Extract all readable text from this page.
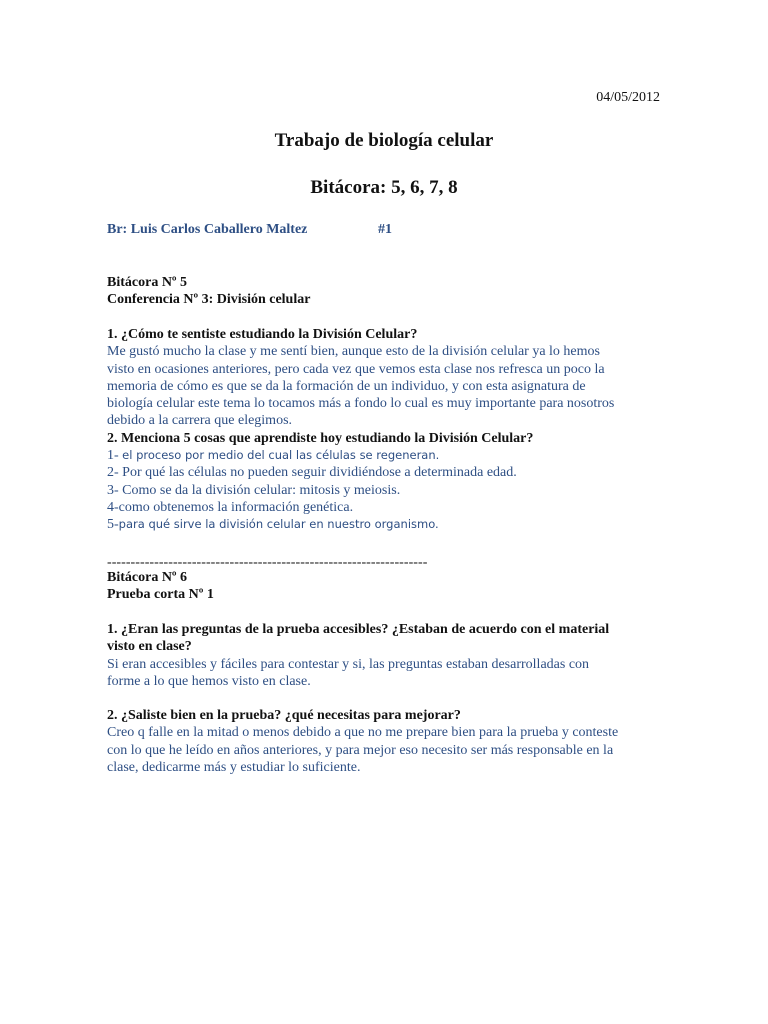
04/05/2012
Trabajo de biología celular
Bitácora: 5, 6, 7, 8
Br: Luis Carlos Caballero Maltez	#1
Bitácora Nº 5
Conferencia Nº 3: División celular
1. ¿Cómo te sentiste estudiando la División Celular?
Me gustó mucho la clase y me sentí bien, aunque esto de la división celular ya lo hemos
visto en ocasiones anteriores, pero cada vez que vemos esta clase nos refresca un poco la
memoria de cómo es que se da la formación de un individuo, y con esta asignatura de
biología celular este tema lo tocamos más a fondo lo cual es muy importante para nosotros
debido a la carrera que elegimos.
2. Menciona 5 cosas que aprendiste hoy estudiando la División Celular?
1- el proceso por medio del cual las células se regeneran.
2- Por qué las células no pueden seguir dividiéndose a determinada edad.
3- Como se da la división celular: mitosis y meiosis.
4-como obtenemos la información genética.
5-para qué sirve la división celular en nuestro organismo.
--------------------------------------------------------------------
Bitácora Nº 6
Prueba corta Nº 1
1. ¿Eran las preguntas de la prueba accesibles? ¿Estaban de acuerdo con el material
visto en clase?
Si eran accesibles y fáciles para contestar y si, las preguntas estaban desarrolladas con
forme a lo que hemos visto en clase.
2. ¿Saliste bien en la prueba? ¿qué necesitas para mejorar?
Creo q falle en la mitad o menos debido a que no me prepare bien para la prueba y conteste
con lo que he leído en años anteriores, y para mejor eso necesito ser más responsable en la
clase, dedicarme más y estudiar lo suficiente.
